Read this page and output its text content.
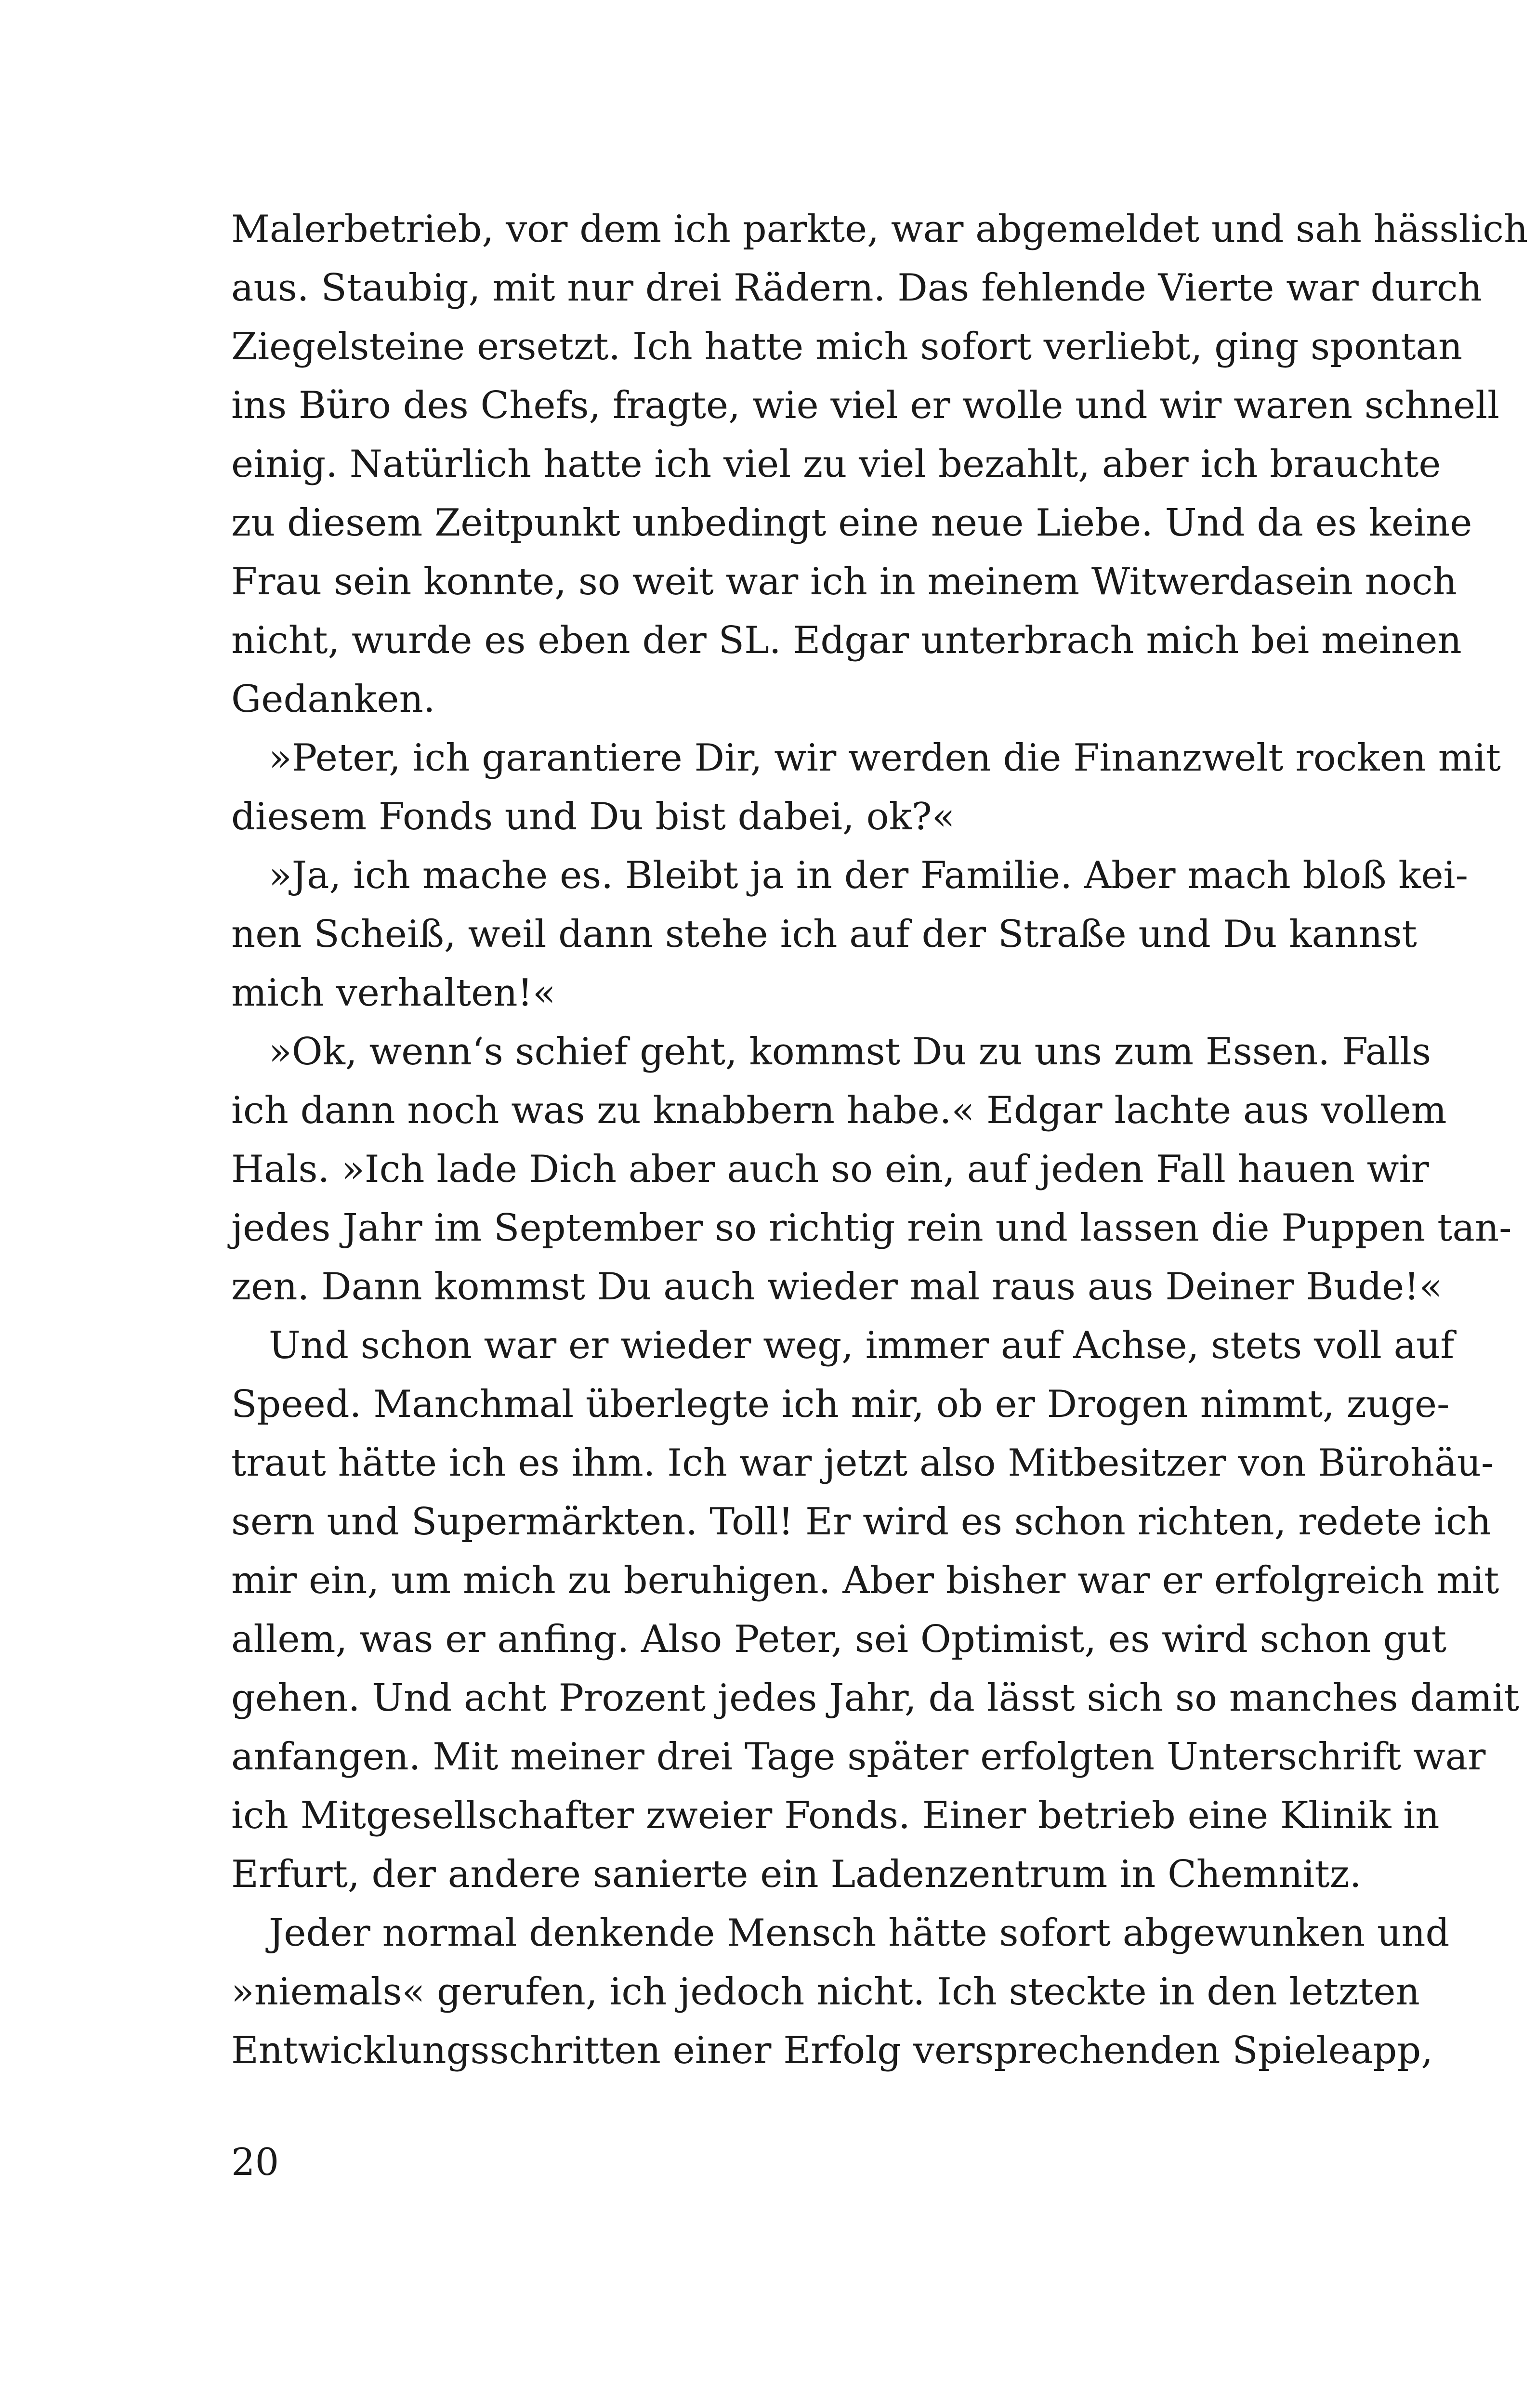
Malerbetrieb, vor dem ich parkte, war abgemeldet und sah hässlich
aus. Staubig, mit nur drei Rädern. Das fehlende Vierte war durch
Ziegelsteine ersetzt. Ich hatte mich sofort verliebt, ging spontan
ins Büro des Chefs, fragte, wie viel er wolle und wir waren schnell
einig. Natürlich hatte ich viel zu viel bezahlt, aber ich brauchte
zu diesem Zeitpunkt unbedingt eine neue Liebe. Und da es keine
Frau sein konnte, so weit war ich in meinem Witwerdasein noch
nicht, wurde es eben der SL. Edgar unterbrach mich bei meinen
Gedanken.
»Peter, ich garantiere Dir, wir werden die Finanzwelt rocken mit
diesem Fonds und Du bist dabei, ok?«
»Ja, ich mache es. Bleibt ja in der Familie. Aber mach bloß kei-
nen Scheiß, weil dann stehe ich auf der Straße und Du kannst
mich verhalten!«
»Ok, wenn‘s schief geht, kommst Du zu uns zum Essen. Falls
ich dann noch was zu knabbern habe.« Edgar lachte aus vollem
Hals. »Ich lade Dich aber auch so ein, auf jeden Fall hauen wir
jedes Jahr im September so richtig rein und lassen die Puppen tan-
zen. Dann kommst Du auch wieder mal raus aus Deiner Bude!«
Und schon war er wieder weg, immer auf Achse, stets voll auf
Speed. Manchmal überlegte ich mir, ob er Drogen nimmt, zuge-
traut hätte ich es ihm. Ich war jetzt also Mitbesitzer von Bürohäu-
sern und Supermärkten. Toll! Er wird es schon richten, redete ich
mir ein, um mich zu beruhigen. Aber bisher war er erfolgreich mit
allem, was er anfing. Also Peter, sei Optimist, es wird schon gut
gehen. Und acht Prozent jedes Jahr, da lässt sich so manches damit
anfangen. Mit meiner drei Tage später erfolgten Unterschrift war
ich Mitgesellschafter zweier Fonds. Einer betrieb eine Klinik in
Erfurt, der andere sanierte ein Ladenzentrum in Chemnitz.
Jeder normal denkende Mensch hätte sofort abgewunken und
»niemals« gerufen, ich jedoch nicht. Ich steckte in den letzten
Entwicklungsschritten einer Erfolg versprechenden Spieleapp,
20
